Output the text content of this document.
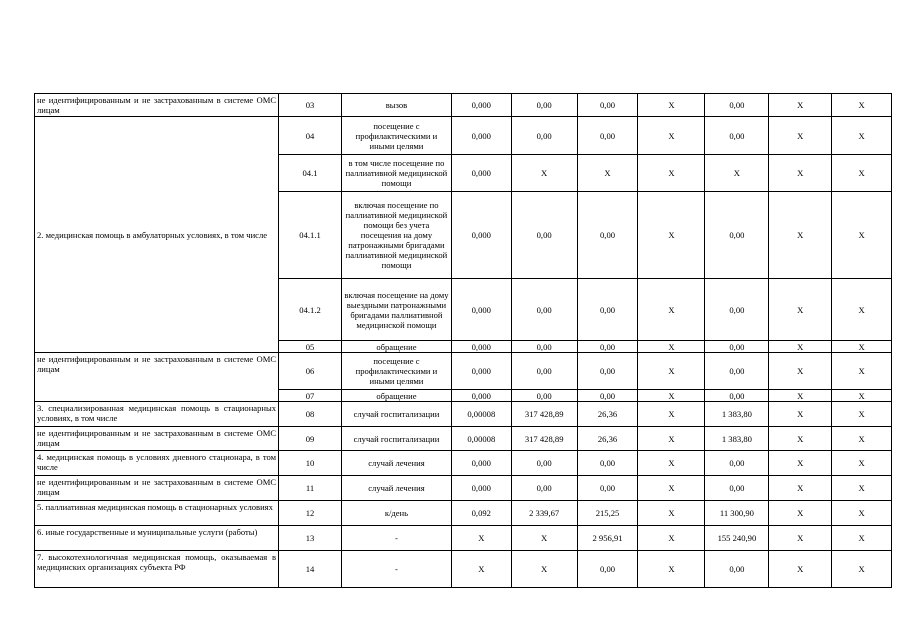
не идентифицированным и не застрахованным в системе ОМС лицам	03	вызов	0,000	0,00	0,00	Х	0,00	Х	Х
2. медицинская помощь в амбулаторных условиях, в том числе	04	посещение с профилактическими и иными целями	0,000	0,00	0,00	Х	0,00	Х	Х
	04.1	в том числе посещение по паллиативной медицинской помощи	0,000	Х	Х	Х	Х	Х	Х
	04.1.1	включая посещение по паллиативной медицинской помощи без учета посещения на дому патронажными бригадами паллиативной медицинской помощи	0,000	0,00	0,00	Х	0,00	Х	Х
	04.1.2	включая посещение на дому выездными патронажными бригадами паллиативной медицинской помощи	0,000	0,00	0,00	Х	0,00	Х	Х
	05	обращение	0,000	0,00	0,00	Х	0,00	Х	Х
не идентифицированным и не застрахованным в системе ОМС лицам	06	посещение с профилактическими и иными целями	0,000	0,00	0,00	Х	0,00	Х	Х
	07	обращение	0,000	0,00	0,00	Х	0,00	Х	Х
3. специализированная медицинская помощь в стационарных условиях, в том числе	08	случай госпитализации	0,00008	317 428,89	26,36	Х	1 383,80	Х	Х
не идентифицированным и не застрахованным в системе ОМС лицам	09	случай госпитализации	0,00008	317 428,89	26,36	Х	1 383,80	Х	Х
4. медицинская помощь в условиях дневного стационара, в том числе	10	случай лечения	0,000	0,00	0,00	Х	0,00	Х	Х
не идентифицированным и не застрахованным в системе ОМС лицам	11	случай лечения	0,000	0,00	0,00	Х	0,00	Х	Х
5. паллиативная медицинская помощь в стационарных условиях	12	к/день	0,092	2 339,67	215,25	Х	11 300,90	Х	Х
6. иные государственные и муниципальные услуги (работы)	13	-	Х	Х	2 956,91	Х	155 240,90	Х	Х
7. высокотехнологичная медицинская помощь, оказываемая в медицинских организациях субъекта РФ	14	-	Х	Х	0,00	Х	0,00	Х	Х
